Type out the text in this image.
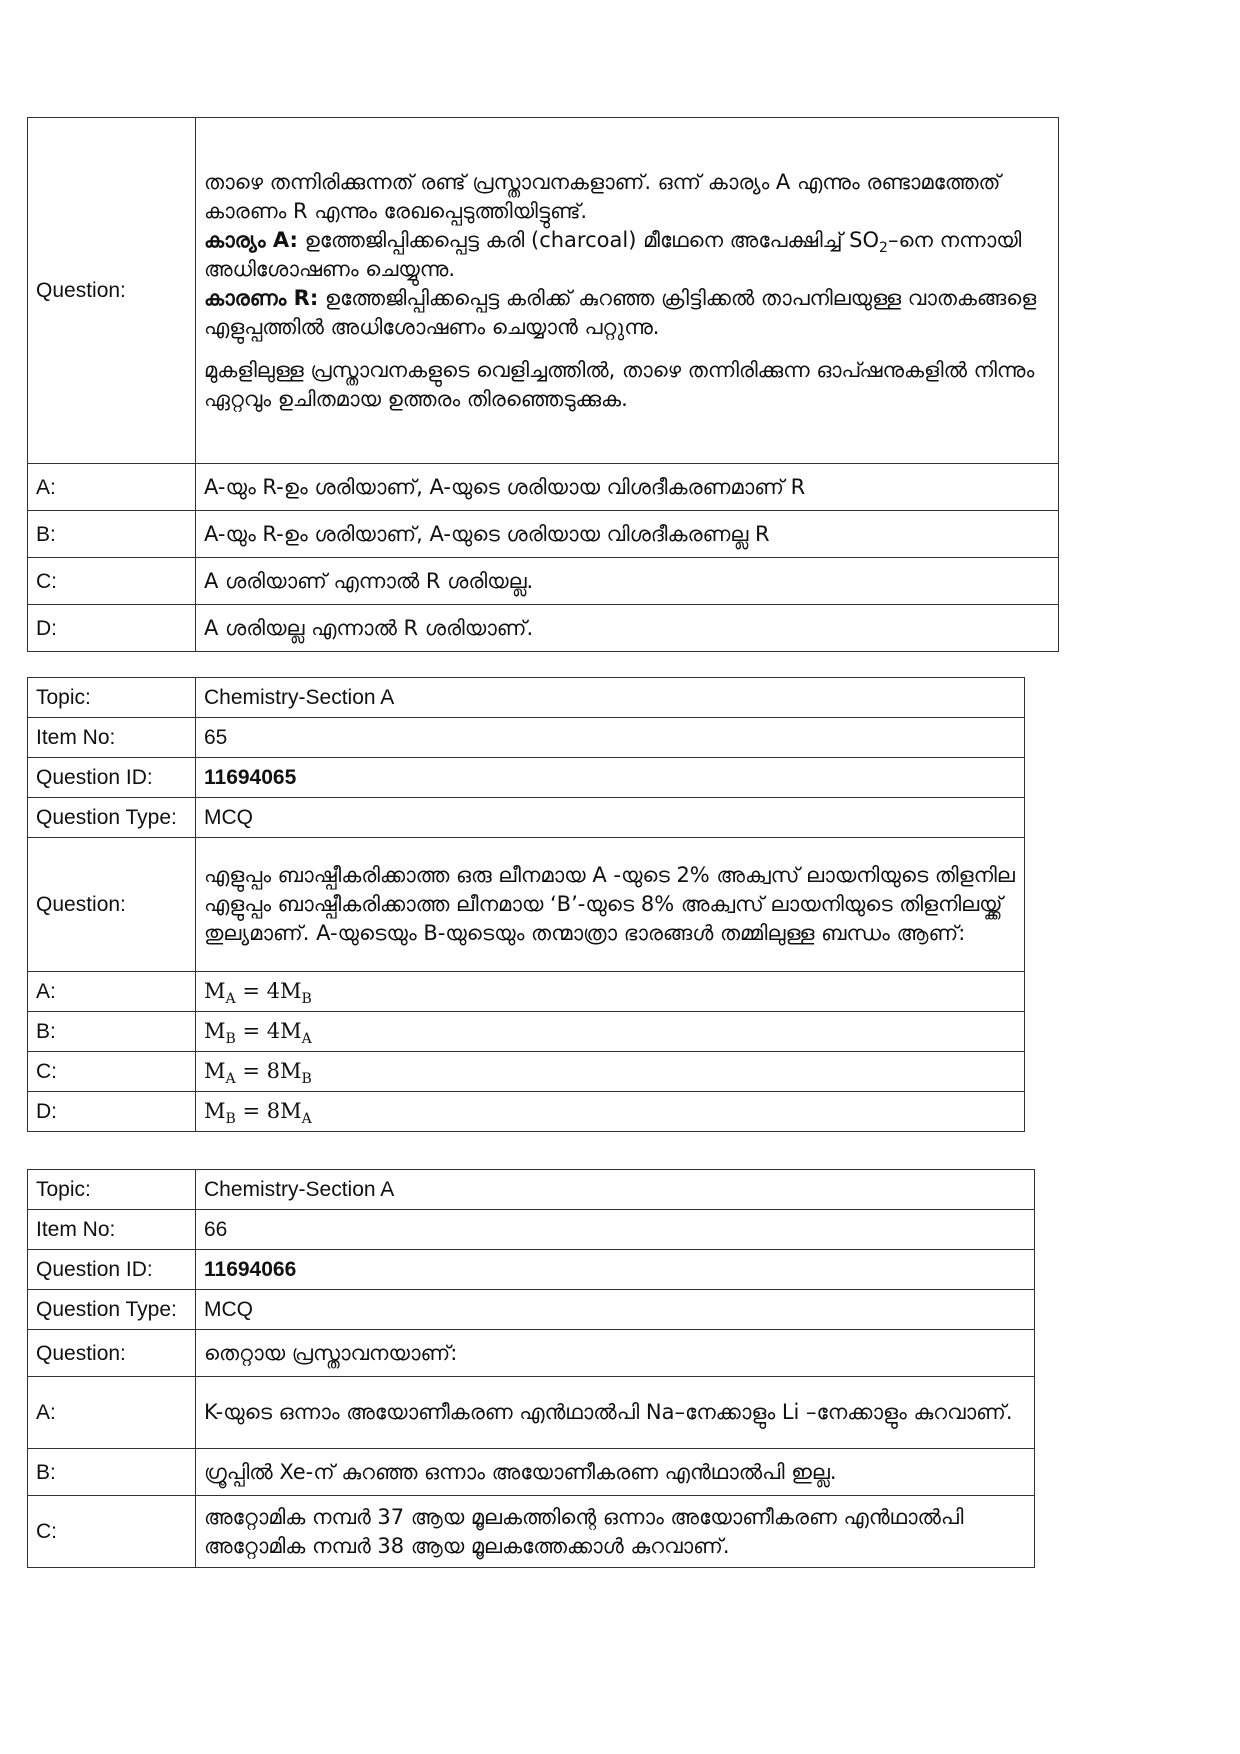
Question:	താഴെ തന്നിരിക്കുന്നത് രണ്ട് പ്രസ്താവനകളാണ്. ഒന്ന് കാര്യം A എന്നും രണ്ടാമത്തേത് കാരണം R എന്നും രേഖപ്പെടുത്തിയിട്ടുണ്ട്.
കാര്യം A: ഉത്തേജിപ്പിക്കപ്പെട്ട കരി (charcoal) മീഥേനെ അപേക്ഷിച്ച് $SO_2-നെ$ നന്നായി അധിശോഷണം ചെയ്യുന്നു.
കാരണം R: ഉത്തേജിപ്പിക്കപ്പെട്ട കരിക്ക് കുറഞ്ഞ ക്രിട്ടിക്കൽ താപനിലയുള്ള വാതകങ്ങളെ എളുപ്പത്തിൽ അധിശോഷണം ചെയ്യാൻ പറ്റുന്നു.
മുകളിലുള്ള പ്രസ്താവനകളുടെ വെളിച്ചത്തിൽ, താഴെ തന്നിരിക്കുന്ന ഓപ്ഷനുകളിൽ നിന്നും ഏറ്റവും ഉചിതമായ ഉത്തരം തിരഞ്ഞെടുക്കുക.

A:	A-യും R-ഉം ശരിയാണ്, A-യുടെ ശരിയായ വിശദീകരണമാണ് R
B:	A-യും R-ഉം ശരിയാണ്, A-യുടെ ശരിയായ വിശദീകരണല്ല R
C:	A ശരിയാണ് എന്നാൽ R ശരിയല്ല.
D:	A ശരിയല്ല എന്നാൽ R ശരിയാണ്.
Topic:	Chemistry-Section A
Item No:	65
Question ID:	11694065
Question Type:	MCQ
Question:	എളുപ്പം ബാഷ്പീകരിക്കാത്ത ഒരു ലീനമായ A -യുടെ 2% അക്വസ് ലായനിയുടെ തിളനില എളുപ്പം ബാഷ്പീകരിക്കാത്ത ലീനമായ ‘B’-യുടെ 8% അക്വസ് ലായനിയുടെ തിളനിലയ്ക്ക് തുല്യമാണ്. A-യുടെയും B-യുടെയും തന്മാത്രാ ഭാരങ്ങൾ തമ്മിലുള്ള ബന്ധം ആണ്:
A:	$M_A = 4M_B$
B:	$M_B = 4M_A$
C:	$M_A = 8M_B$
D:	$M_B = 8M_A$
Topic:	Chemistry-Section A
Item No:	66
Question ID:	11694066
Question Type:	MCQ
Question:	തെറ്റായ പ്രസ്താവനയാണ്:
A:	K-യുടെ ഒന്നാം അയോണീകരണ എൻഥാൽപി Na–നേക്കാളും Li –നേക്കാളും കുറവാണ്.
B:	ഗ്രൂപ്പിൽ Xe-ന് കുറഞ്ഞ ഒന്നാം അയോണീകരണ എൻഥാൽപി ഇല്ല.
C:	അറ്റോമിക നമ്പർ 37 ആയ മൂലകത്തിന്റെ ഒന്നാം അയോണീകരണ എൻഥാൽപി അറ്റോമിക നമ്പർ 38 ആയ മൂലകത്തേക്കാൾ കുറവാണ്.
